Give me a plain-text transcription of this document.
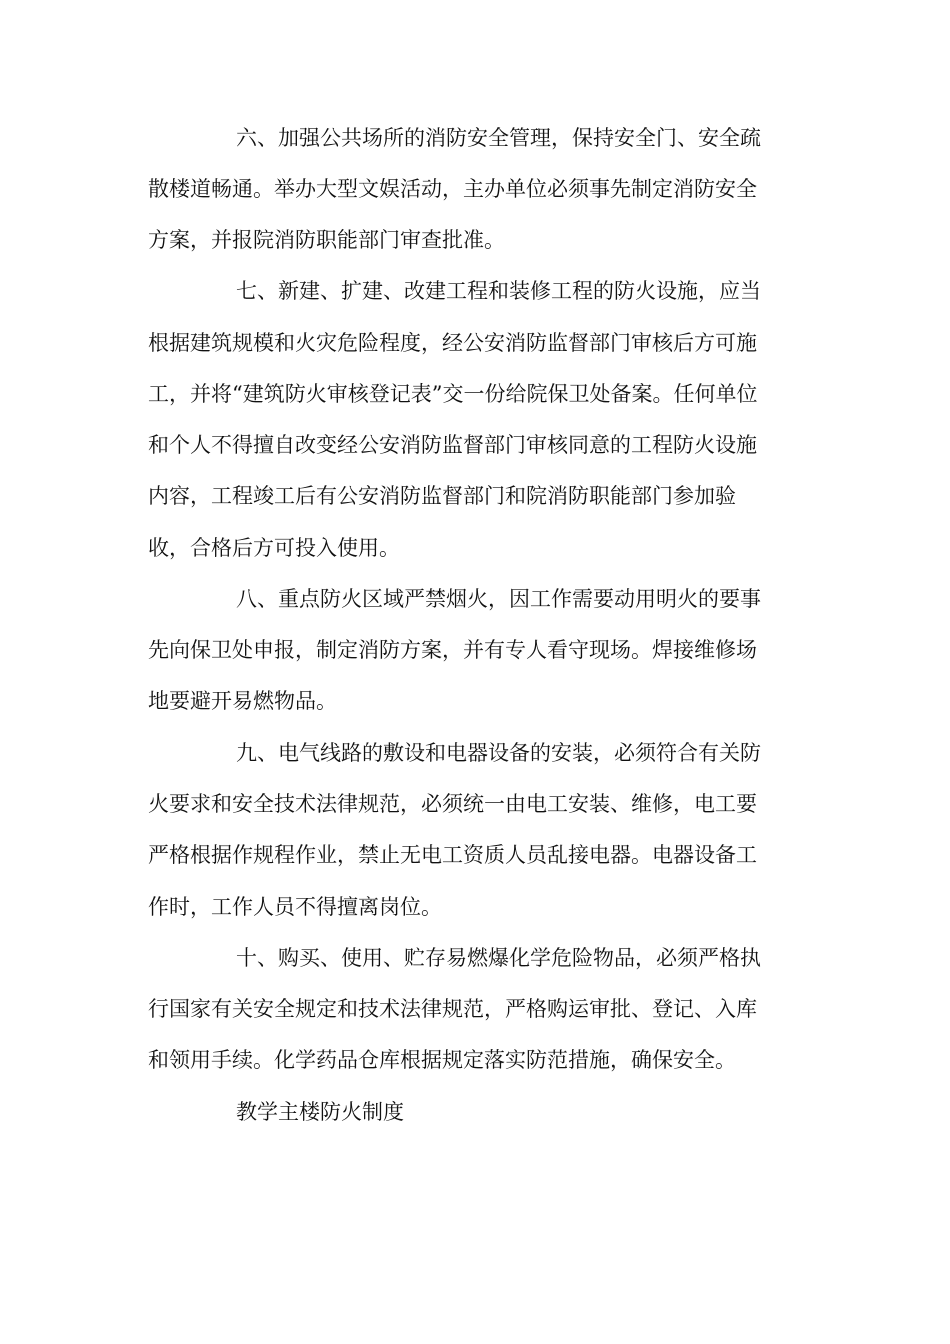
六、加强公共场所的消防安全管理，保持安全门、安全疏
散楼道畅通。举办大型文娱活动，主办单位必须事先制定消防安全
方案，并报院消防职能部门审查批准。
七、新建、扩建、改建工程和装修工程的防火设施，应当
根据建筑规模和火灾危险程度，经公安消防监督部门审核后方可施
工，并将“建筑防火审核登记表”交一份给院保卫处备案。任何单位
和个人不得擅自改变经公安消防监督部门审核同意的工程防火设施
内容，工程竣工后有公安消防监督部门和院消防职能部门参加验
收，合格后方可投入使用。
八、重点防火区域严禁烟火，因工作需要动用明火的要事
先向保卫处申报，制定消防方案，并有专人看守现场。焊接维修场
地要避开易燃物品。
九、电气线路的敷设和电器设备的安装，必须符合有关防
火要求和安全技术法律规范，必须统一由电工安装、维修，电工要
严格根据作规程作业，禁止无电工资质人员乱接电器。电器设备工
作时，工作人员不得擅离岗位。
十、购买、使用、贮存易燃爆化学危险物品，必须严格执
行国家有关安全规定和技术法律规范，严格购运审批、登记、入库
和领用手续。化学药品仓库根据规定落实防范措施，确保安全。
教学主楼防火制度
